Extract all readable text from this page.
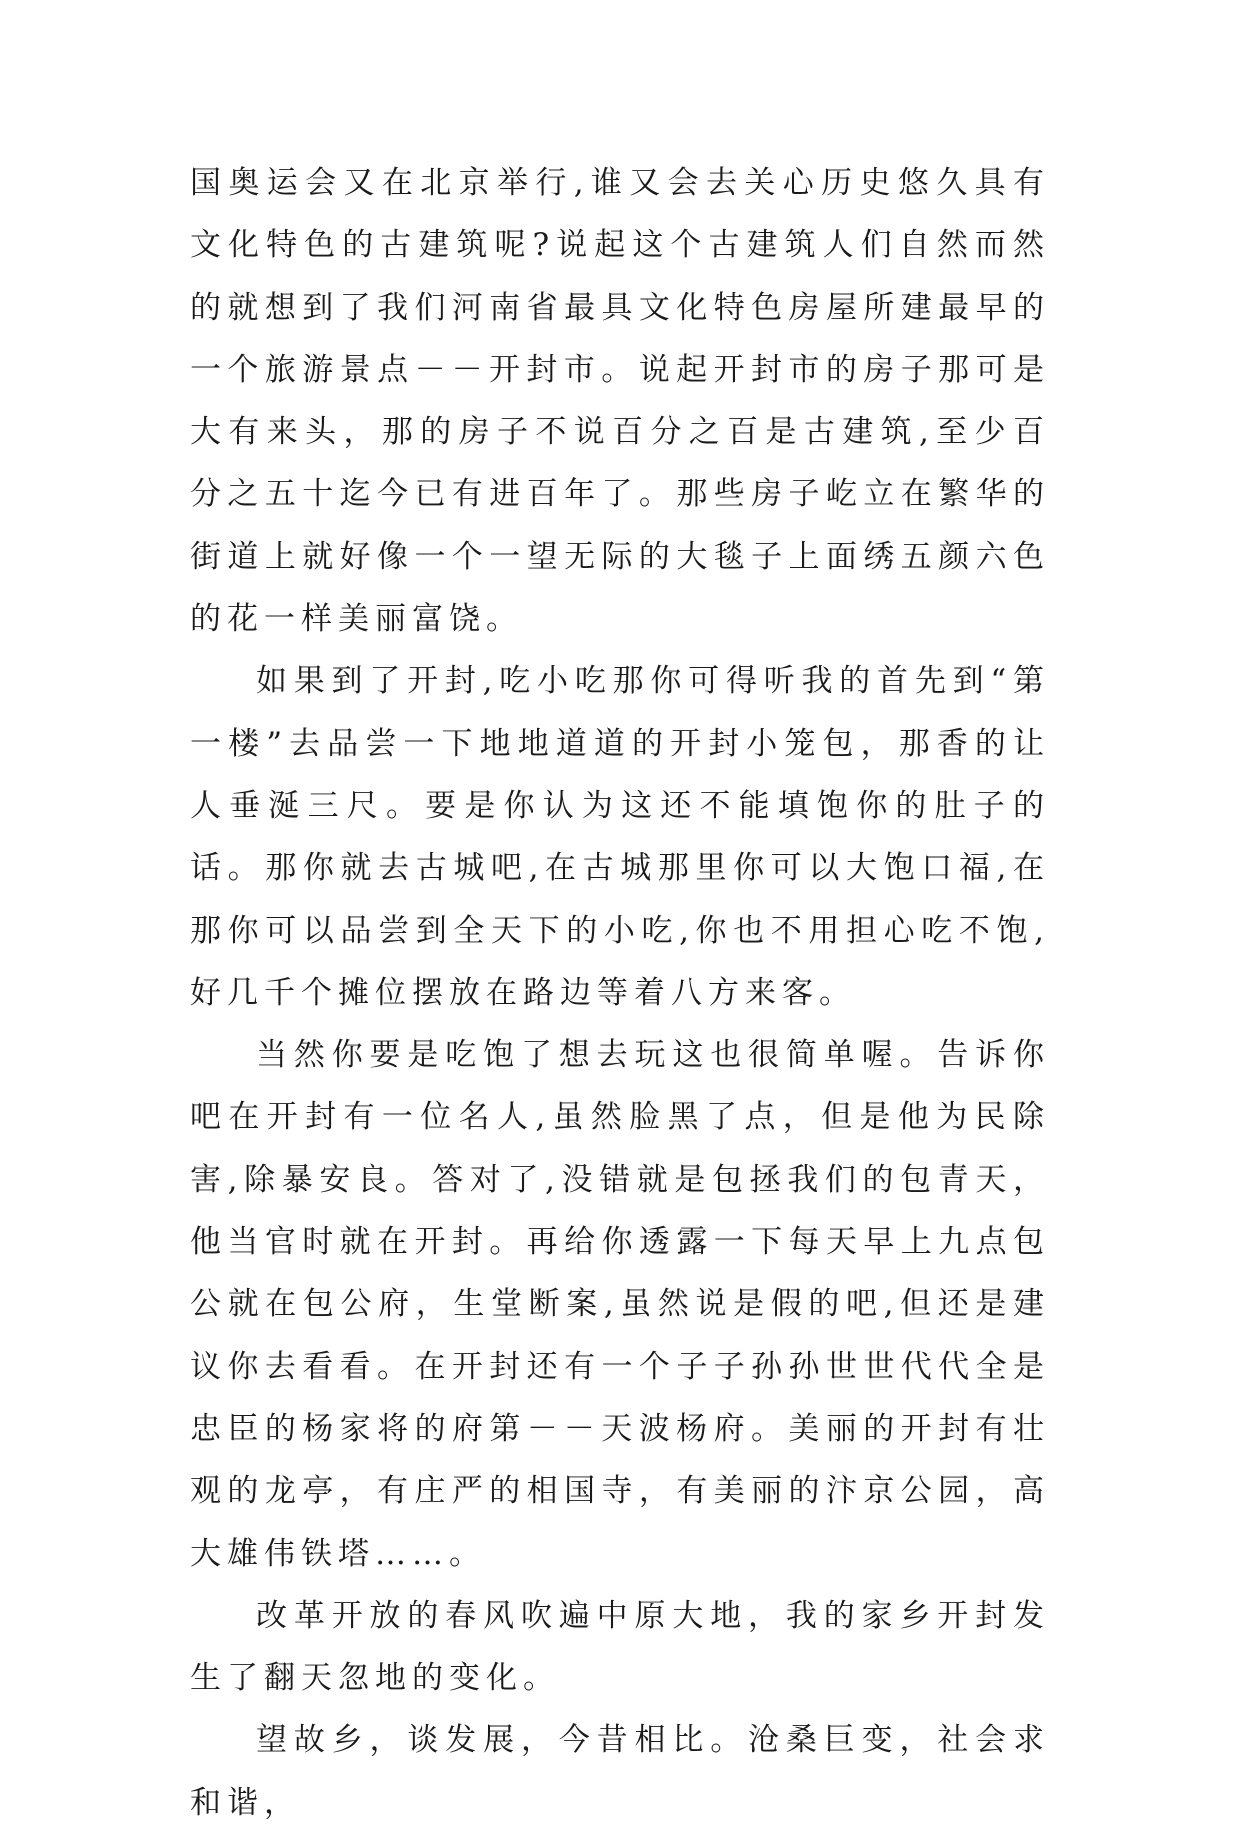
国奥运会又在北京举行,谁又会去关心历史悠久具有文化特色的古建筑呢?说起这个古建筑人们自然而然的就想到了我们河南省最具文化特色房屋所建最早的一个旅游景点－－开封市。说起开封市的房子那可是大有来头，那的房子不说百分之百是古建筑,至少百分之五十迄今已有进百年了。那些房子屹立在繁华的街道上就好像一个一望无际的大毯子上面绣五颜六色的花一样美丽富饶。

如果到了开封,吃小吃那你可得听我的首先到“第一楼”去品尝一下地地道道的开封小笼包，那香的让人垂涎三尺。要是你认为这还不能填饱你的肚子的话。那你就去古城吧,在古城那里你可以大饱口福,在那你可以品尝到全天下的小吃,你也不用担心吃不饱,好几千个摊位摆放在路边等着八方来客。

当然你要是吃饱了想去玩这也很简单喔。告诉你吧在开封有一位名人,虽然脸黑了点，但是他为民除害,除暴安良。答对了,没错就是包拯我们的包青天，他当官时就在开封。再给你透露一下每天早上九点包公就在包公府，生堂断案,虽然说是假的吧,但还是建议你去看看。在开封还有一个子子孙孙世世代代全是忠臣的杨家将的府第－－天波杨府。美丽的开封有壮观的龙亭，有庄严的相国寺，有美丽的汴京公园，高大雄伟铁塔……。

改革开放的春风吹遍中原大地，我的家乡开封发生了翻天忽地的变化。

望故乡，谈发展，今昔相比。沧桑巨变，社会求和谐，
